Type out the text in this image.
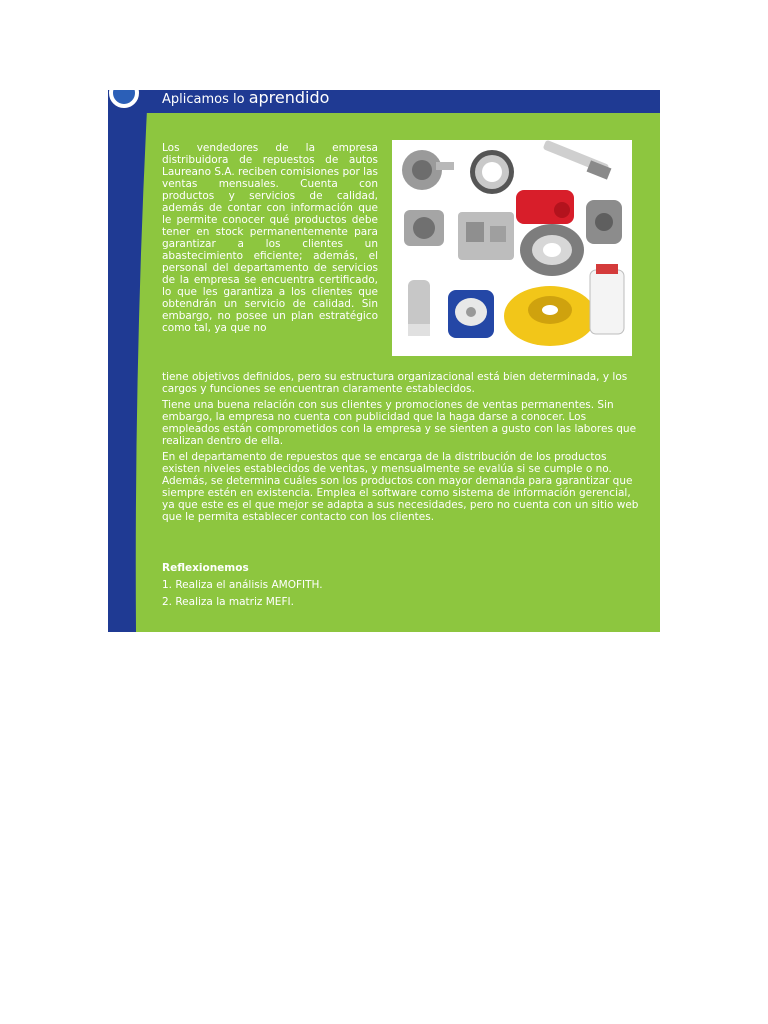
Aplicamos lo aprendido
Los vendedores de la empresa distribuidora de repuestos de autos Laureano S.A. reciben comisiones por las ventas mensuales. Cuenta con productos y servicios de calidad, además de contar con información que le permite conocer qué productos debe tener en stock permanentemente para garantizar a los clientes un abastecimiento eficiente; además, el personal del departamento de servicios de la empresa se encuentra certificado, lo que les garantiza a los clientes que obtendrán un servicio de calidad. Sin embargo, no posee un plan estratégico como tal, ya que no

tiene objetivos definidos, pero su estructura organizacional está bien determinada, y los cargos y funciones se encuentran claramente establecidos.

Tiene una buena relación con sus clientes y promociones de ventas permanentes. Sin embargo, la empresa no cuenta con publicidad que la haga darse a conocer. Los empleados están comprometidos con la empresa y se sienten a gusto con las labores que realizan dentro de ella.

En el departamento de repuestos que se encarga de la distribución de los productos existen niveles establecidos de ventas, y mensualmente se evalúa si se cumple o no. Además, se determina cuáles son los productos con mayor demanda para garantizar que siempre estén en existencia. Emplea el software como sistema de información gerencial, ya que este es el que mejor se adapta a sus necesidades, pero no cuenta con un sitio web que le permita establecer contacto con los clientes.

Reflexionemos
1. Realiza el análisis AMOFITH.
2. Realiza la matriz MEFI.
